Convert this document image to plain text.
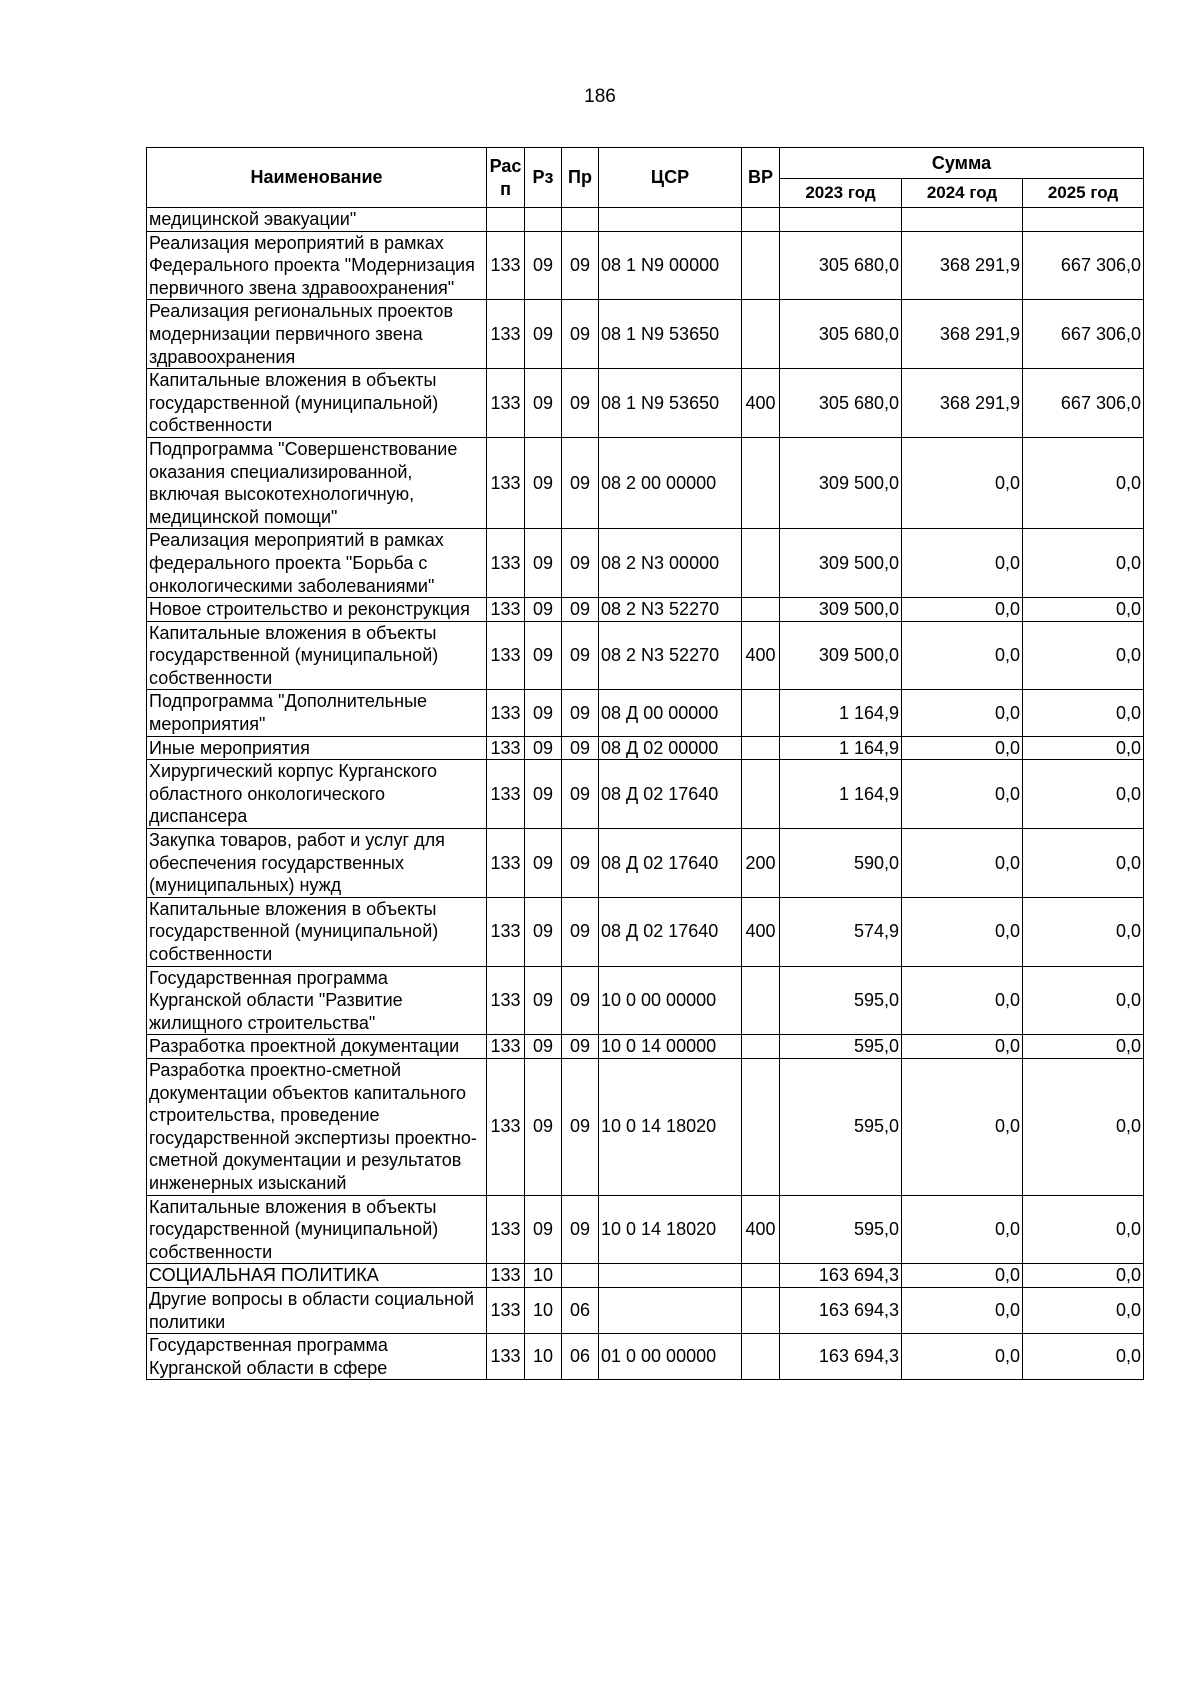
186
Наименование	Рас п	Рз	Пр	ЦСР	ВР	Сумма		
						2023 год	2024 год	2025 год
медицинской эвакуации"								
Реализация мероприятий в рамках Федерального проекта "Модернизация первичного звена здравоохранения"	133	09	09	08 1 N9 00000		305 680,0	368 291,9	667 306,0
Реализация региональных проектов модернизации первичного звена здравоохранения	133	09	09	08 1 N9 53650		305 680,0	368 291,9	667 306,0
Капитальные вложения в объекты государственной (муниципальной) собственности	133	09	09	08 1 N9 53650	400	305 680,0	368 291,9	667 306,0
Подпрограмма "Совершенствование оказания специализированной, включая высокотехнологичную, медицинской помощи"	133	09	09	08 2 00 00000		309 500,0	0,0	0,0
Реализация мероприятий в рамках федерального проекта "Борьба с онкологическими заболеваниями"	133	09	09	08 2 N3 00000		309 500,0	0,0	0,0
Новое строительство и реконструкция	133	09	09	08 2 N3 52270		309 500,0	0,0	0,0
Капитальные вложения в объекты государственной (муниципальной) собственности	133	09	09	08 2 N3 52270	400	309 500,0	0,0	0,0
Подпрограмма "Дополнительные мероприятия"	133	09	09	08 Д 00 00000		1 164,9	0,0	0,0
Иные мероприятия	133	09	09	08 Д 02 00000		1 164,9	0,0	0,0
Хирургический корпус Курганского областного онкологического диспансера	133	09	09	08 Д 02 17640		1 164,9	0,0	0,0
Закупка товаров, работ и услуг для обеспечения государственных (муниципальных) нужд	133	09	09	08 Д 02 17640	200	590,0	0,0	0,0
Капитальные вложения в объекты государственной (муниципальной) собственности	133	09	09	08 Д 02 17640	400	574,9	0,0	0,0
Государственная программа Курганской области "Развитие жилищного строительства"	133	09	09	10 0 00 00000		595,0	0,0	0,0
Разработка проектной документации	133	09	09	10 0 14 00000		595,0	0,0	0,0
Разработка проектно-сметной документации объектов капитального строительства, проведение государственной экспертизы проектно-сметной документации и результатов инженерных изысканий	133	09	09	10 0 14 18020		595,0	0,0	0,0
Капитальные вложения в объекты государственной (муниципальной) собственности	133	09	09	10 0 14 18020	400	595,0	0,0	0,0
СОЦИАЛЬНАЯ ПОЛИТИКА	133	10				163 694,3	0,0	0,0
Другие вопросы в области социальной политики	133	10	06			163 694,3	0,0	0,0
Государственная программа Курганской области в сфере	133	10	06	01 0 00 00000		163 694,3	0,0	0,0
